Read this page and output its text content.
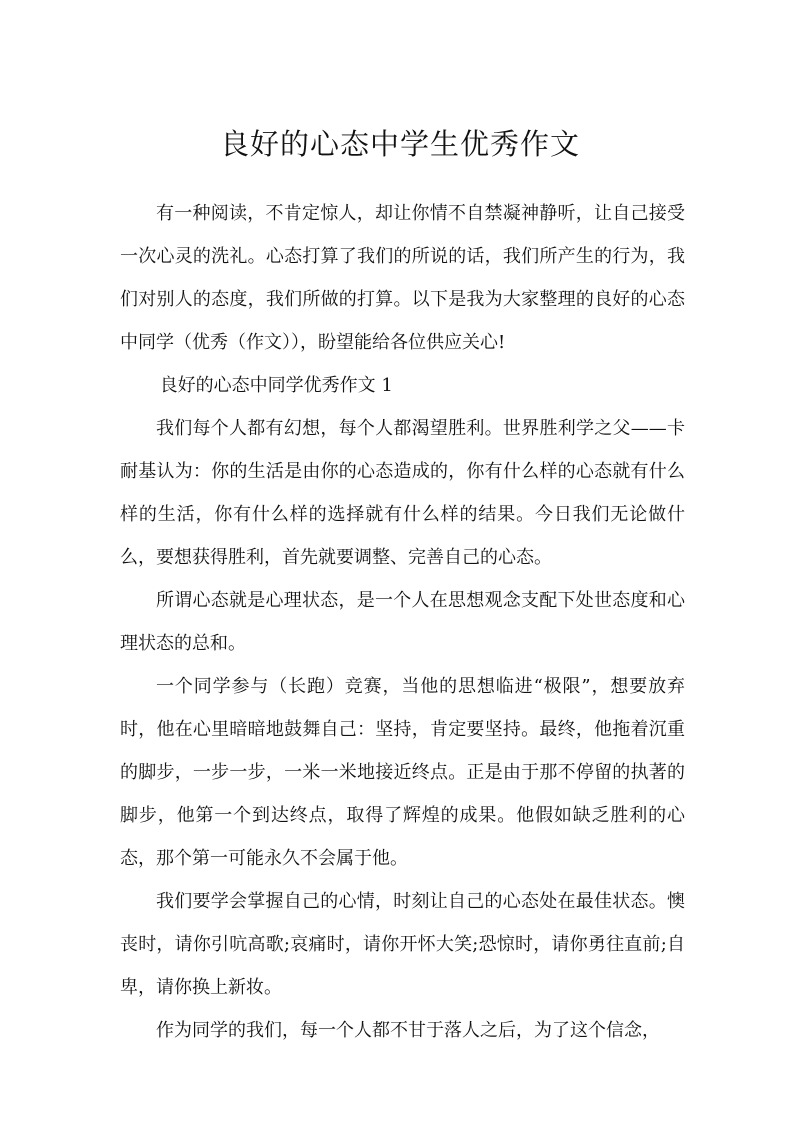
良好的心态中学生优秀作文

有一种阅读，不肯定惊人，却让你情不自禁凝神静听，让自己接受一次心灵的洗礼。心态打算了我们的所说的话，我们所产生的行为，我们对别人的态度，我们所做的打算。以下是我为大家整理的良好的心态中同学（优秀（作文）），盼望能给各位供应关心!

良好的心态中同学优秀作文 1

我们每个人都有幻想，每个人都渴望胜利。世界胜利学之父——卡耐基认为：你的生活是由你的心态造成的，你有什么样的心态就有什么样的生活，你有什么样的选择就有什么样的结果。今日我们无论做什么，要想获得胜利，首先就要调整、完善自己的心态。

所谓心态就是心理状态，是一个人在思想观念支配下处世态度和心理状态的总和。

一个同学参与（长跑）竞赛，当他的思想临进“极限”，想要放弃时，他在心里暗暗地鼓舞自己：坚持，肯定要坚持。最终，他拖着沉重的脚步，一步一步，一米一米地接近终点。正是由于那不停留的执著的脚步，他第一个到达终点，取得了辉煌的成果。他假如缺乏胜利的心态，那个第一可能永久不会属于他。

我们要学会掌握自己的心情，时刻让自己的心态处在最佳状态。懊丧时，请你引吭高歌;哀痛时，请你开怀大笑;恐惊时，请你勇往直前;自卑，请你换上新妆。

作为同学的我们，每一个人都不甘于落人之后，为了这个信念，
